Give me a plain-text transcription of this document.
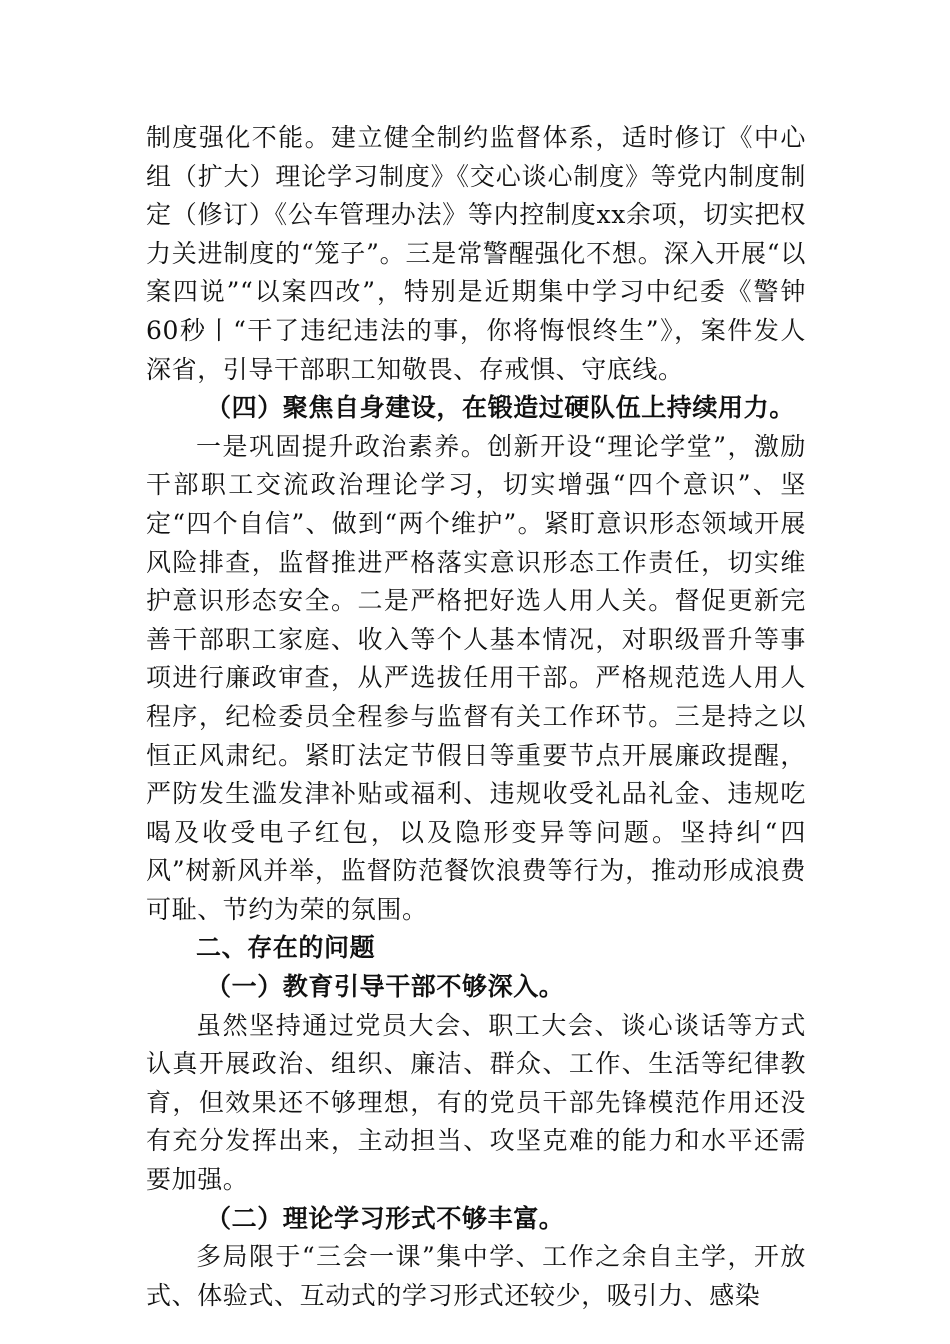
制度强化不能。建立健全制约监督体系，适时修订《中心组（扩大）理论学习制度》《交心谈心制度》等党内制度制定（修订）《公车管理办法》等内控制度xx余项，切实把权力关进制度的“笼子”。三是常警醒强化不想。深入开展“以案四说”“以案四改”，特别是近期集中学习中纪委《警钟60秒丨“干了违纪违法的事，你将悔恨终生”》，案件发人深省，引导干部职工知敬畏、存戒惧、守底线。

（四）聚焦自身建设，在锻造过硬队伍上持续用力。

一是巩固提升政治素养。创新开设“理论学堂”，激励干部职工交流政治理论学习，切实增强“四个意识”、坚定“四个自信”、做到“两个维护”。紧盯意识形态领域开展风险排查，监督推进严格落实意识形态工作责任，切实维护意识形态安全。二是严格把好选人用人关。督促更新完善干部职工家庭、收入等个人基本情况，对职级晋升等事项进行廉政审查，从严选拔任用干部。严格规范选人用人程序，纪检委员全程参与监督有关工作环节。三是持之以恒正风肃纪。紧盯法定节假日等重要节点开展廉政提醒，严防发生滥发津补贴或福利、违规收受礼品礼金、违规吃喝及收受电子红包，以及隐形变异等问题。坚持纠“四风”树新风并举，监督防范餐饮浪费等行为，推动形成浪费可耻、节约为荣的氛围。

二、存在的问题

（一）教育引导干部不够深入。

虽然坚持通过党员大会、职工大会、谈心谈话等方式认真开展政治、组织、廉洁、群众、工作、生活等纪律教育，但效果还不够理想，有的党员干部先锋模范作用还没有充分发挥出来，主动担当、攻坚克难的能力和水平还需要加强。

（二）理论学习形式不够丰富。

多局限于“三会一课”集中学、工作之余自主学，开放式、体验式、互动式的学习形式还较少，吸引力、感染
